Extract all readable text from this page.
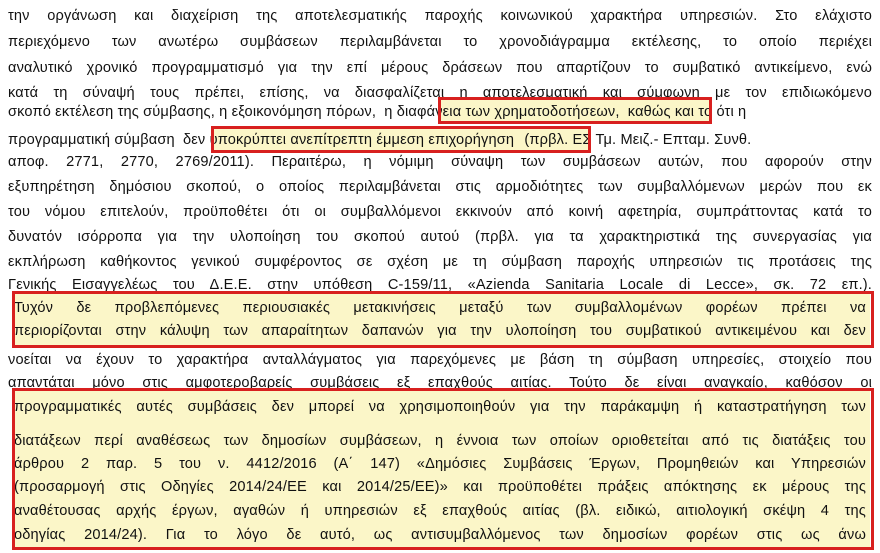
την οργάνωση και διαχείριση της αποτελεσματικής παροχής κοινωνικού χαρακτήρα υπηρεσιών. Στο ελάχιστο
περιεχόμενο των ανωτέρω συμβάσεων περιλαμβάνεται το χρονοδιάγραμμα εκτέλεσης, το οποίο περιέχει
αναλυτικό χρονικό προγραμματισμό για την επί μέρους δράσεων που απαρτίζουν το συμβατικό αντικείμενο, ενώ
κατά τη σύναψή τους πρέπει, επίσης, να διασφαλίζεται η αποτελεσματική και σύμφωνη με τον επιδιωκόμενο
σκοπό εκτέλεση της σύμβασης, η εξοικονόμηση πόρων, η διαφάνεια των χρηματοδοτήσεων, καθώς και το ότι η
προγραμματική σύμβαση δεν υποκρύπτει ανεπίτρεπτη έμμεση επιχορήγηση (πρβλ. ΕΣ Τμ. Μειζ.- Επταμ. Συνθ.
αποφ. 2771, 2770, 2769/2011). Περαιτέρω, η νόμιμη σύναψη των συμβάσεων αυτών, που αφορούν στην
εξυπηρέτηση δημόσιου σκοπού, ο οποίος περιλαμβάνεται στις αρμοδιότητες των συμβαλλόμενων μερών που εκ
του νόμου επιτελούν, προϋποθέτει ότι οι συμβαλλόμενοι εκκινούν από κοινή αφετηρία, συμπράττοντας κατά το
δυνατόν ισόρροπα για την υλοποίηση του σκοπού αυτού (πρβλ. για τα χαρακτηριστικά της συνεργασίας για
εκπλήρωση καθήκοντος γενικού συμφέροντος σε σχέση με τη σύμβαση παροχής υπηρεσιών τις προτάσεις της
Γενικής Εισαγγελέως του Δ.Ε.Ε. στην υπόθεση C-159/11, «Azienda Sanitaria Locale di Lecce», σκ. 72 επ.).
Τυχόν δε προβλεπόμενες περιουσιακές μετακινήσεις μεταξύ των συμβαλλομένων φορέων πρέπει να
περιορίζονται στην κάλυψη των απαραίτητων δαπανών για την υλοποίηση του συμβατικού αντικειμένου και δεν
νοείται να έχουν το χαρακτήρα ανταλλάγματος για παρεχόμενες με βάση τη σύμβαση υπηρεσίες, στοιχείο που
απαντάται μόνο στις αμφοτεροβαρείς συμβάσεις εξ επαχθούς αιτίας. Τούτο δε είναι αναγκαίο, καθόσον οι
προγραμματικές αυτές συμβάσεις δεν μπορεί να χρησιμοποιηθούν για την παράκαμψη ή καταστρατήγηση των
διατάξεων περί αναθέσεως των δημοσίων συμβάσεων, η έννοια των οποίων οριοθετείται από τις διατάξεις του
άρθρου 2 παρ. 5 του ν. 4412/2016 (Α΄ 147) «Δημόσιες Συμβάσεις Έργων, Προμηθειών και Υπηρεσιών
(προσαρμογή στις Οδηγίες 2014/24/ΕΕ και 2014/25/ΕΕ)» και προϋποθέτει πράξεις απόκτησης εκ μέρους της
αναθέτουσας αρχής έργων, αγαθών ή υπηρεσιών εξ επαχθούς αιτίας (βλ. ειδικώ, αιτιολογική σκέψη 4 της
οδηγίας 2014/24). Για το λόγο δε αυτό, ως αντισυμβαλλόμενος των δημοσίων φορέων στις ως άνω
